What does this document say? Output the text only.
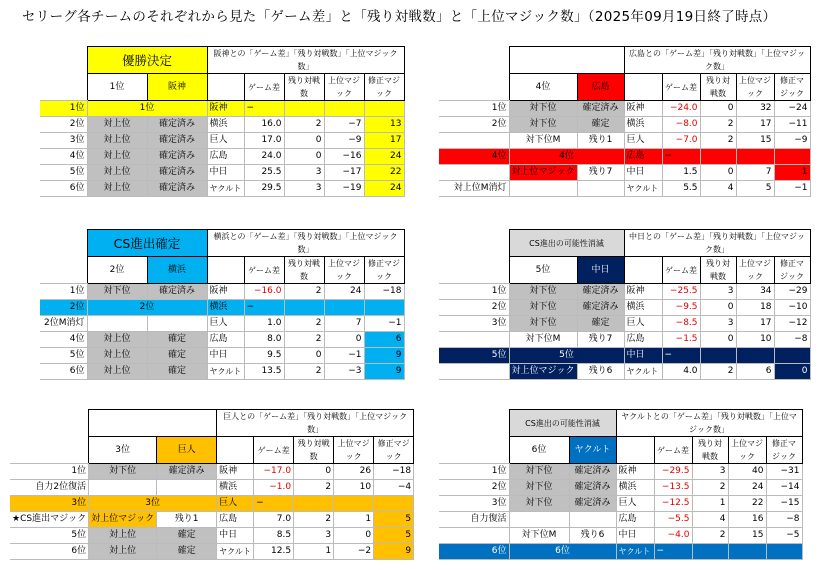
セリーグ各チームのそれぞれから見た「ゲーム差」と「残り対戦数」と「上位マジック数」（2025年09月19日終了時点）
	優勝決定		阪神との「ゲーム差」「残り対戦数」「上位マジック数」				
	1位	阪神		ゲーム差	残り対戦数	上位マジック	修正マジック
1位	1位		阪神	−			
2位	対上位	確定済み	横浜	16.0	2	−7	13
3位	対上位	確定済み	巨人	17.0	0	−9	17
4位	対上位	確定済み	広島	24.0	0	−16	24
5位	対上位	確定済み	中日	25.5	3	−17	22
6位	対上位	確定済み	ヤクルト	29.5	3	−19	24
	CS進出確定		横浜との「ゲーム差」「残り対戦数」「上位マジック数」				
	2位	横浜		ゲーム差	残り対戦数	上位マジック	修正マジック
1位	対下位	確定済み	阪神	−16.0	2	24	−18
2位	2位		横浜	−			
2位M消灯			巨人	1.0	2	7	−1
4位	対上位	確定	広島	8.0	2	0	6
5位	対上位	確定	中日	9.5	0	−1	9
6位	対上位	確定	ヤクルト	13.5	2	−3	9
			巨人との「ゲーム差」「残り対戦数」「上位マジック数」				
	3位	巨人		ゲーム差	残り対戦数	上位マジック	修正マジック
1位	対下位	確定済み	阪神	−17.0	0	26	−18
自力2位復活			横浜	−1.0	2	10	−4
3位	3位		巨人	−			
★CS進出マジック	対上位マジック	残り1	広島	7.0	2	1	5
5位	対上位	確定	中日	8.5	3	0	5
6位	対上位	確定	ヤクルト	12.5	1	−2	9
			広島との「ゲーム差」「残り対戦数」「上位マジック数」				
	4位	広島		ゲーム差	残り対戦数	上位マジック	修正マジック
1位	対下位	確定済み	阪神	−24.0	0	32	−24
2位	対下位	確定	横浜	−8.0	2	17	−11
	対下位M	残り1	巨人	−7.0	2	15	−9
4位	4位		広島	−			
	対上位マジック	残り7	中日	1.5	0	7	1
対上位M消灯			ヤクルト	5.5	4	5	−1
	CS進出の可能性消滅		中日との「ゲーム差」「残り対戦数」「上位マジック数」				
	5位	中日		ゲーム差	残り対戦数	上位マジック	修正マジック
1位	対下位	確定済み	阪神	−25.5	3	34	−29
2位	対下位	確定済み	横浜	−9.5	0	18	−10
3位	対下位	確定	巨人	−8.5	3	17	−12
	対下位M	残り7	広島	−1.5	0	10	−8
5位	5位		中日	−			
	対上位マジック	残り6	ヤクルト	4.0	2	6	0
	CS進出の可能性消滅		ヤクルトとの「ゲーム差」「残り対戦数」「上位マジック数」				
	6位	ヤクルト		ゲーム差	残り対戦数	上位マジック	修正マジック
1位	対下位	確定済み	阪神	−29.5	3	40	−31
2位	対下位	確定済み	横浜	−13.5	2	24	−14
3位	対下位	確定済み	巨人	−12.5	1	22	−15
自力復活			広島	−5.5	4	16	−8
	対下位M	残り6	中日	−4.0	2	15	−5
6位	6位		ヤクルト	−			
